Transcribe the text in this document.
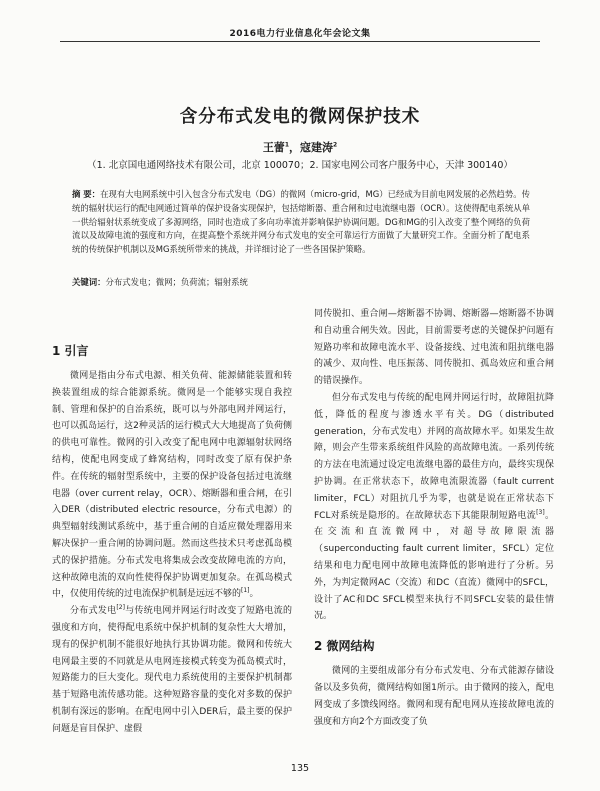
2016电力行业信息化年会论文集
含分布式发电的微网保护技术
王蕾$^1$，寇建涛$^2$
（1. 北京国电通网络技术有限公司，北京 100070；2. 国家电网公司客户服务中心，天津 300140）
摘 要：在现有大电网系统中引入包含分布式发电（DG）的微网（micro-grid，MG）已经成为目前电网发展的必然趋势。传统的辐射状运行的配电网通过简单的保护设备实现保护，包括熔断器、重合闸和过电流继电器（OCR）。这使得配电系统从单一供给辐射状系统变成了多源网络，同时也造成了多向功率流并影响保护协调问题。DG和MG的引入改变了整个网络的负荷流以及故障电流的强度和方向，在提高整个系统并网分布式发电的安全可靠运行方面做了大量研究工作。全面分析了配电系统的传统保护机制以及MG系统所带来的挑战，并详细讨论了一些各国保护策略。
关键词：分布式发电；微网；负荷流；辐射系统
1 引言

微网是指由分布式电源、相关负荷、能源储能装置和转换装置组成的综合能源系统。微网是一个能够实现自我控制、管理和保护的自治系统，既可以与外部电网并网运行，也可以孤岛运行，这2种灵活的运行模式大大地提高了负荷侧的供电可靠性。微网的引入改变了配电网中电源辐射状网络结构，使配电网变成了蜂窝结构，同时改变了原有保护条件。在传统的辐射型系统中，主要的保护设备包括过电流继电器（over current relay，OCR）、熔断器和重合闸，在引入DER（distributed electric resource，分布式电源）的典型辐射线测试系统中，基于重合闸的自适应微处理器用来解决保护一重合闸的协调问题。然而这些技术只考虑孤岛模式的保护措施。分布式发电将集成会改变故障电流的方向，这种故障电流的双向性使得保护协调更加复杂。在孤岛模式中，仅使用传统的过电流保护机制是远远不够的[1]。

分布式发电[2]与传统电网并网运行时改变了短路电流的强度和方向，使得配电系统中保护机制的复杂性大大增加，现有的保护机制不能很好地执行其协调功能。微网和传统大电网最主要的不同就是从电网连接模式转变为孤岛模式时，短路能力的巨大变化。现代电力系统使用的主要保护机制都基于短路电流传感功能。这种短路容量的变化对多数的保护机制有深远的影响。在配电网中引入DER后，最主要的保护问题是盲目保护、虚假

同传脱扣、重合闸—熔断器不协调、熔断器—熔断器不协调和自动重合闸失效。因此，目前需要考虑的关键保护问题有短路功率和故障电流水平、设备接线、过电流和阻抗继电器的减少、双向性、电压振荡、同传脱扣、孤岛效应和重合闸的错误操作。

但分布式发电与传统的配电网并网运行时，故障阻抗降低，降低的程度与渗透水平有关。DG（distributed generation，分布式发电）并网的高故障水平。如果发生故障，则会产生带来系统组件风险的高故障电流。一系列传统的方法在电流通过设定电流继电器的最佳方向，最终实现保护协调。在正常状态下，故障电流限流器（fault current limiter，FCL）对阻抗几乎为零，也就是说在正常状态下FCL对系统是隐形的。在故障状态下其能限制短路电流[3]。在交流和直流微网中，对超导故障限流器（superconducting fault current limiter，SFCL）定位结果和电力配电网中故障电流降低的影响进行了分析。另外，为判定微网AC（交流）和DC（直流）微网中的SFCL，设计了AC和DC SFCL模型来执行不同SFCL安装的最佳情况。

2 微网结构

微网的主要组成部分有分布式发电、分布式能源存储设备以及多负荷，微网结构如图1所示。由于微网的接入，配电网变成了多馈线网络。微网和现有配电网从连接故障电流的强度和方向2个方面改变了负

135
